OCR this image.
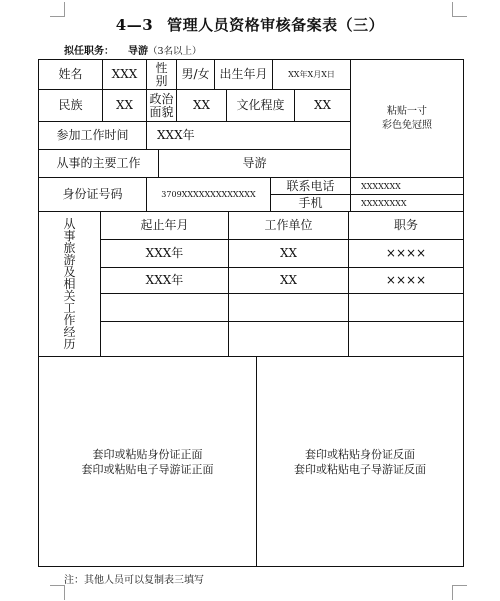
4—3 管理人员资格审核备案表（三）
拟任职务： 导游（3名以上）
姓名	XXX	性别	男/女 出生年月	XX年X月X日
粘贴一寸
彩色免冠照
民族	XX	政治面貌	XX	文化程度	XX
参加工作时间	XXX年
从事的主要工作	导游
身份证号码	3709XXXXXXXXXXXXX
联系电话	XXXXXXX
手机	XXXXXXXX
从
事
旅
游
及
相
关
工
作
经
历
起止年月	工作单位	职务
XXX年	XX	××××
XXX年	XX	××××
套印或粘贴身份证正面
套印或粘贴电子导游证正面
套印或粘贴身份证反面
套印或粘贴电子导游证反面
注：其他人员可以复制表三填写
